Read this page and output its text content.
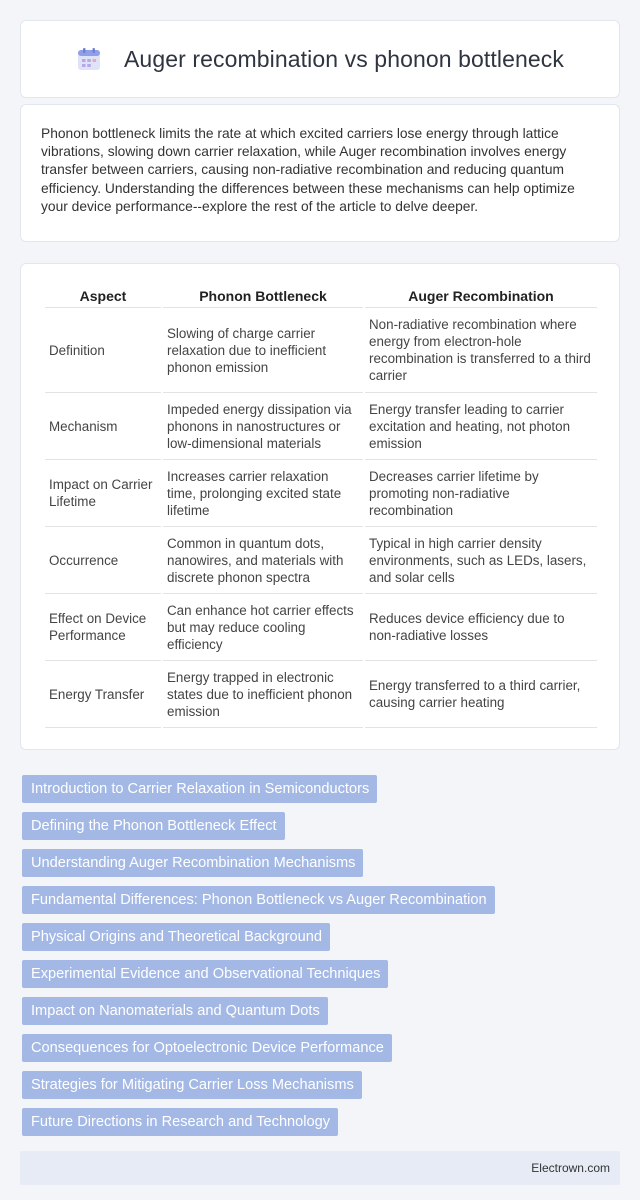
Auger recombination vs phonon bottleneck

Phonon bottleneck limits the rate at which excited carriers lose energy through lattice vibrations, slowing down carrier relaxation, while Auger recombination involves energy transfer between carriers, causing non-radiative recombination and reducing quantum efficiency. Understanding the differences between these mechanisms can help optimize your device performance--explore the rest of the article to delve deeper.

Aspect	Phonon Bottleneck	Auger Recombination
Definition	Slowing of charge carrier relaxation due to inefficient phonon emission	Non-radiative recombination where energy from electron-hole recombination is transferred to a third carrier
Mechanism	Impeded energy dissipation via phonons in nanostructures or low-dimensional materials	Energy transfer leading to carrier excitation and heating, not photon emission
Impact on Carrier Lifetime	Increases carrier relaxation time, prolonging excited state lifetime	Decreases carrier lifetime by promoting non-radiative recombination
Occurrence	Common in quantum dots, nanowires, and materials with discrete phonon spectra	Typical in high carrier density environments, such as LEDs, lasers, and solar cells
Effect on Device Performance	Can enhance hot carrier effects but may reduce cooling efficiency	Reduces device efficiency due to non-radiative losses
Energy Transfer	Energy trapped in electronic states due to inefficient phonon emission	Energy transferred to a third carrier, causing carrier heating
Introduction to Carrier Relaxation in Semiconductors
Defining the Phonon Bottleneck Effect
Understanding Auger Recombination Mechanisms
Fundamental Differences: Phonon Bottleneck vs Auger Recombination
Physical Origins and Theoretical Background
Experimental Evidence and Observational Techniques
Impact on Nanomaterials and Quantum Dots
Consequences for Optoelectronic Device Performance
Strategies for Mitigating Carrier Loss Mechanisms
Future Directions in Research and Technology
Electrown.com
